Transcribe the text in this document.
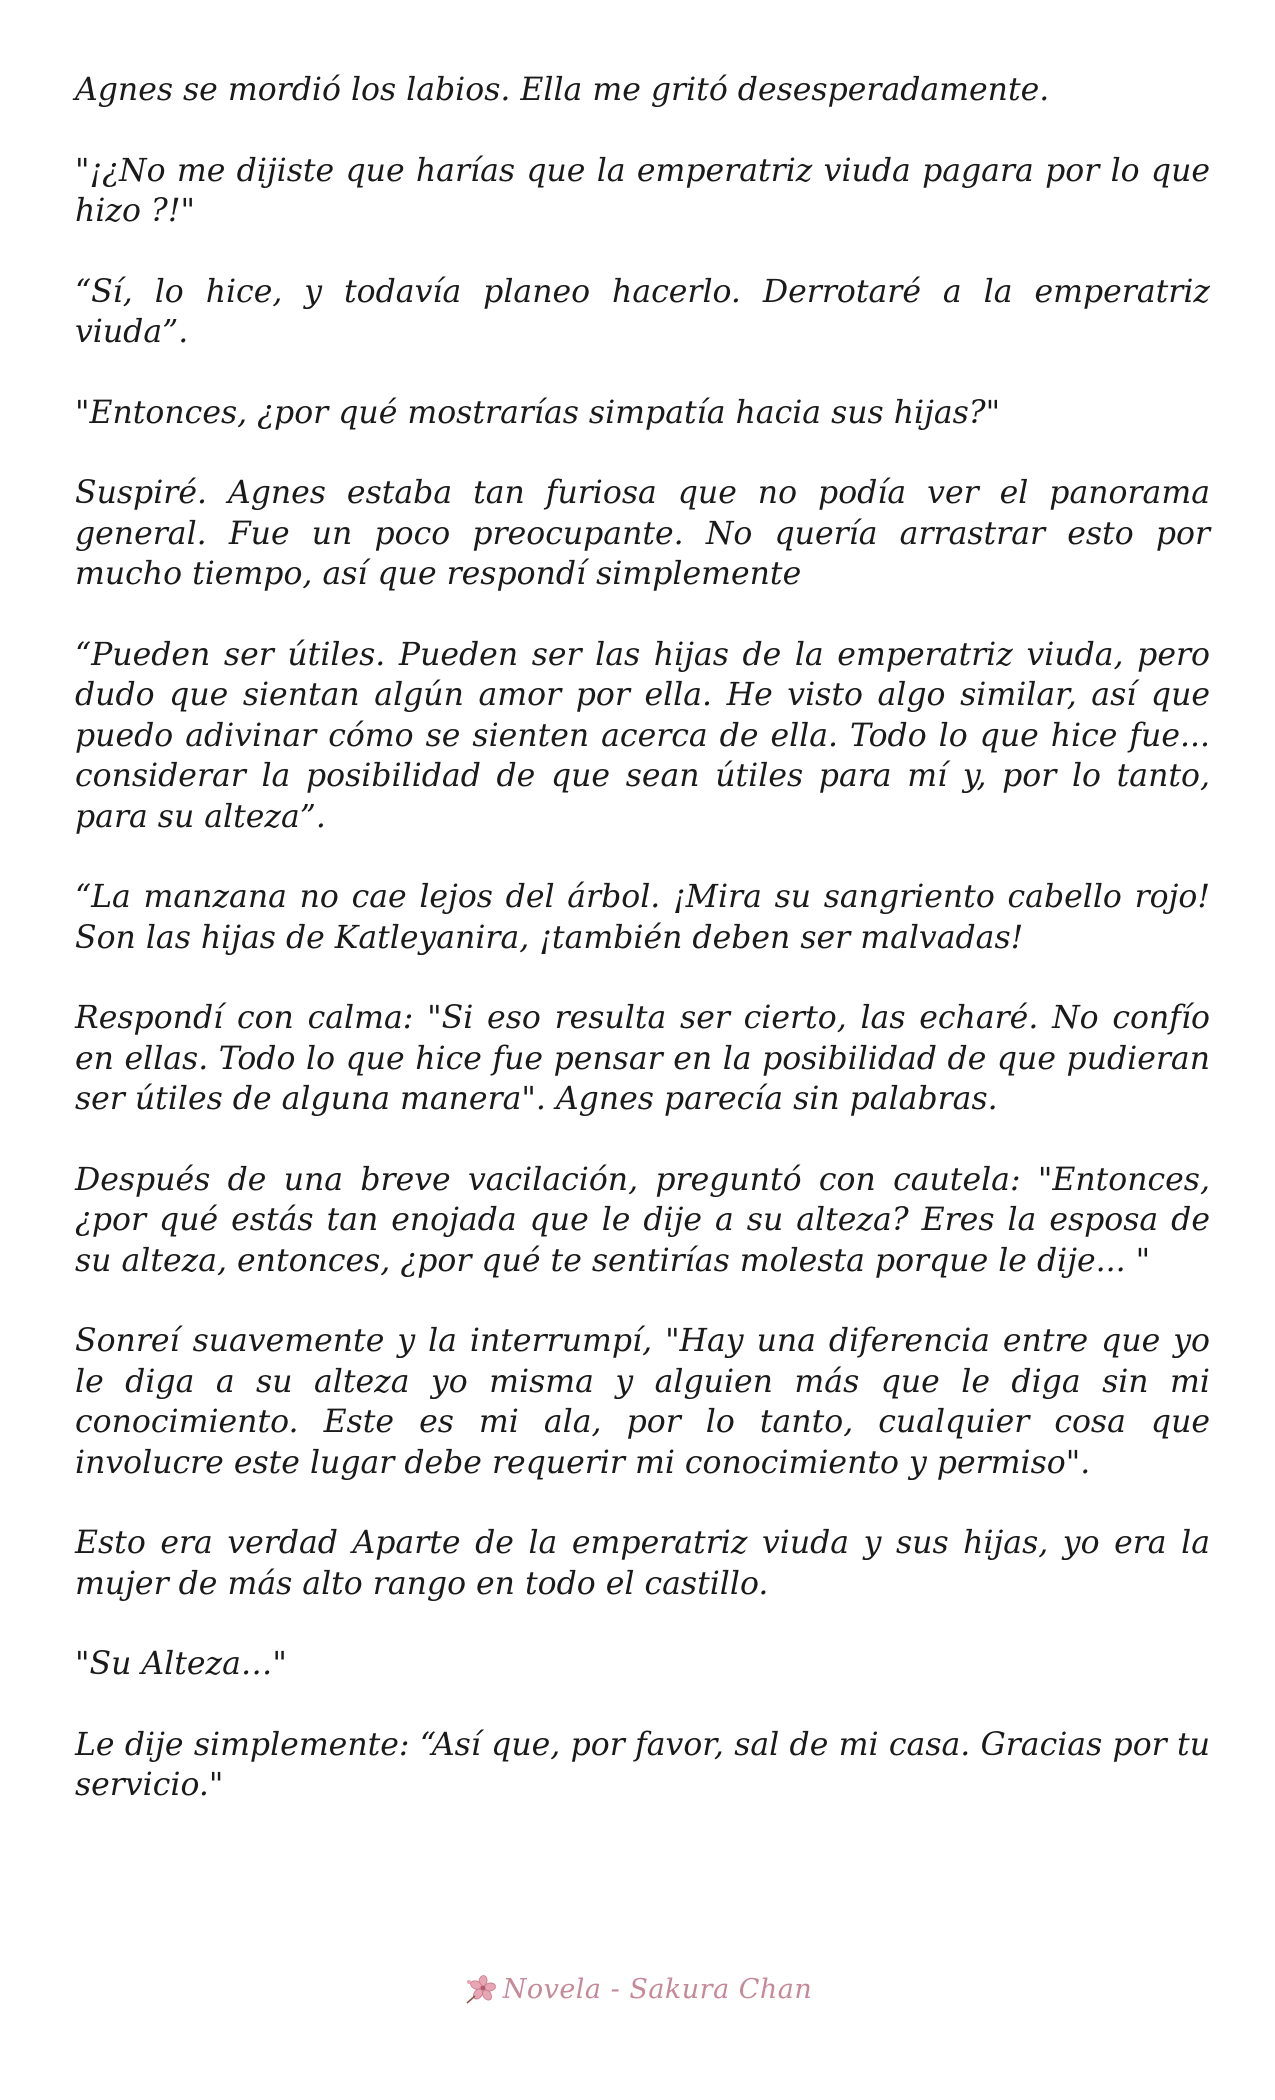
Agnes se mordió los labios. Ella me gritó desesperadamente.

"¡¿No me dijiste que harías que la emperatriz viuda pagara por lo que hizo ?!"

“Sí, lo hice, y todavía planeo hacerlo. Derrotaré a la emperatriz viuda”.

"Entonces, ¿por qué mostrarías simpatía hacia sus hijas?"

Suspiré. Agnes estaba tan furiosa que no podía ver el panorama general. Fue un poco preocupante. No quería arrastrar esto por mucho tiempo, así que respondí simplemente

“Pueden ser útiles. Pueden ser las hijas de la emperatriz viuda, pero dudo que sientan algún amor por ella. He visto algo similar, así que puedo adivinar cómo se sienten acerca de ella. Todo lo que hice fue... considerar la posibilidad de que sean útiles para mí y, por lo tanto, para su alteza”.

“La manzana no cae lejos del árbol. ¡Mira su sangriento cabello rojo! Son las hijas de Katleyanira, ¡también deben ser malvadas!

Respondí con calma: "Si eso resulta ser cierto, las echaré. No confío en ellas. Todo lo que hice fue pensar en la posibilidad de que pudieran ser útiles de alguna manera". Agnes parecía sin palabras.

Después de una breve vacilación, preguntó con cautela: "Entonces, ¿por qué estás tan enojada que le dije a su alteza? Eres la esposa de su alteza, entonces, ¿por qué te sentirías molesta porque le dije... "

Sonreí suavemente y la interrumpí, "Hay una diferencia entre que yo le diga a su alteza yo misma y alguien más que le diga sin mi conocimiento. Este es mi ala, por lo tanto, cualquier cosa que involucre este lugar debe requerir mi conocimiento y permiso".

Esto era verdad Aparte de la emperatriz viuda y sus hijas, yo era la mujer de más alto rango en todo el castillo.

"Su Alteza…"

Le dije simplemente: “Así que, por favor, sal de mi casa. Gracias por tu servicio."

Novela - Sakura Chan
